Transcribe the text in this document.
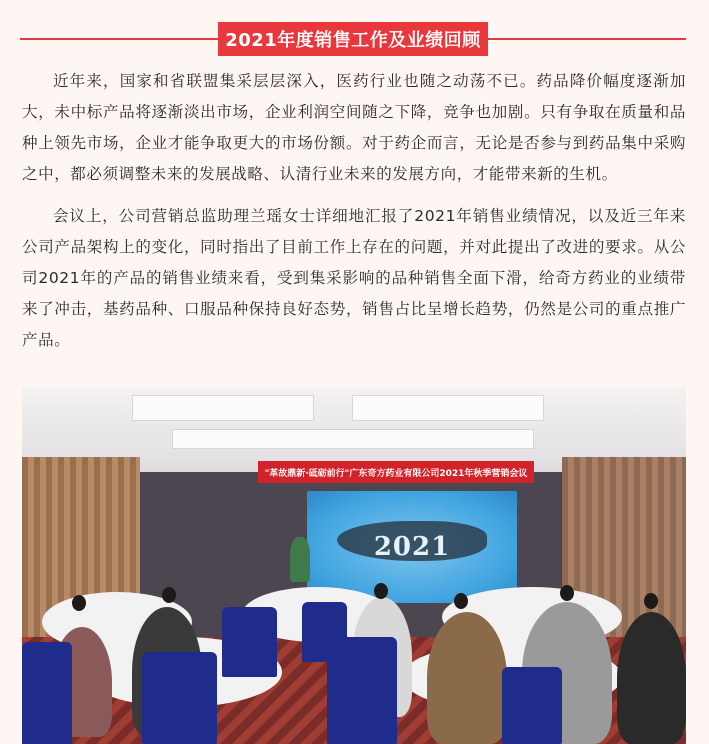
2021年度销售工作及业绩回顾

近年来，国家和省联盟集采层层深入，医药行业也随之动荡不已。药品降价幅度逐渐加大，未中标产品将逐渐淡出市场，企业利润空间随之下降，竞争也加剧。只有争取在质量和品种上领先市场，企业才能争取更大的市场份额。对于药企而言，无论是否参与到药品集中采购之中，都必须调整未来的发展战略、认清行业未来的发展方向，才能带来新的生机。

会议上，公司营销总监助理兰瑶女士详细地汇报了2021年销售业绩情况，以及近三年来公司产品架构上的变化，同时指出了目前工作上存在的问题，并对此提出了改进的要求。从公司2021年的产品的销售业绩来看，受到集采影响的品种销售全面下滑，给奇方药业的业绩带来了冲击，基药品种、口服品种保持良好态势，销售占比呈增长趋势，仍然是公司的重点推广产品。

"革故鼎新·砥砺前行"广东奇方药业有限公司2021年秋季营销会议
2021
